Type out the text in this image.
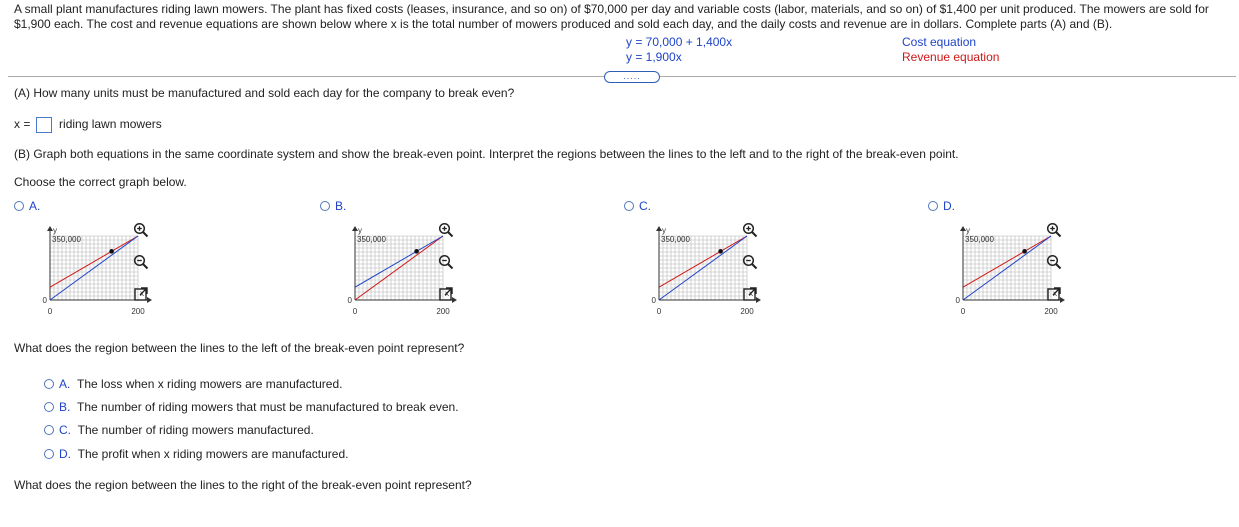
A small plant manufactures riding lawn mowers. The plant has fixed costs (leases, insurance, and so on) of $70,000 per day and variable costs (labor, materials, and so on) of $1,400 per unit produced. The mowers are sold for $1,900 each. The cost and revenue equations are shown below where x is the total number of mowers produced and sold each day, and the daily costs and revenue are in dollars. Complete parts (A) and (B).
y = 70,000 + 1,400x
y = 1,900x
Cost equation
Revenue equation
.....
(A) How many units must be manufactured and sold each day for the company to break even?
x = riding lawn mowers
(B) Graph both equations in the same coordinate system and show the break-even point. Interpret the regions between the lines to the left and to the right of the break-even point.
Choose the correct graph below.
A.	B.	C.	D.
y
350,000
x
0
0	200
y
350,000
x
0
0	200
y
350,000
x
0
0	200
y
350,000
x
0
0	200
What does the region between the lines to the left of the break-even point represent?
A. The loss when x riding mowers are manufactured.
B. The number of riding mowers that must be manufactured to break even.
C. The number of riding mowers manufactured.
D. The profit when x riding mowers are manufactured.
What does the region between the lines to the right of the break-even point represent?
